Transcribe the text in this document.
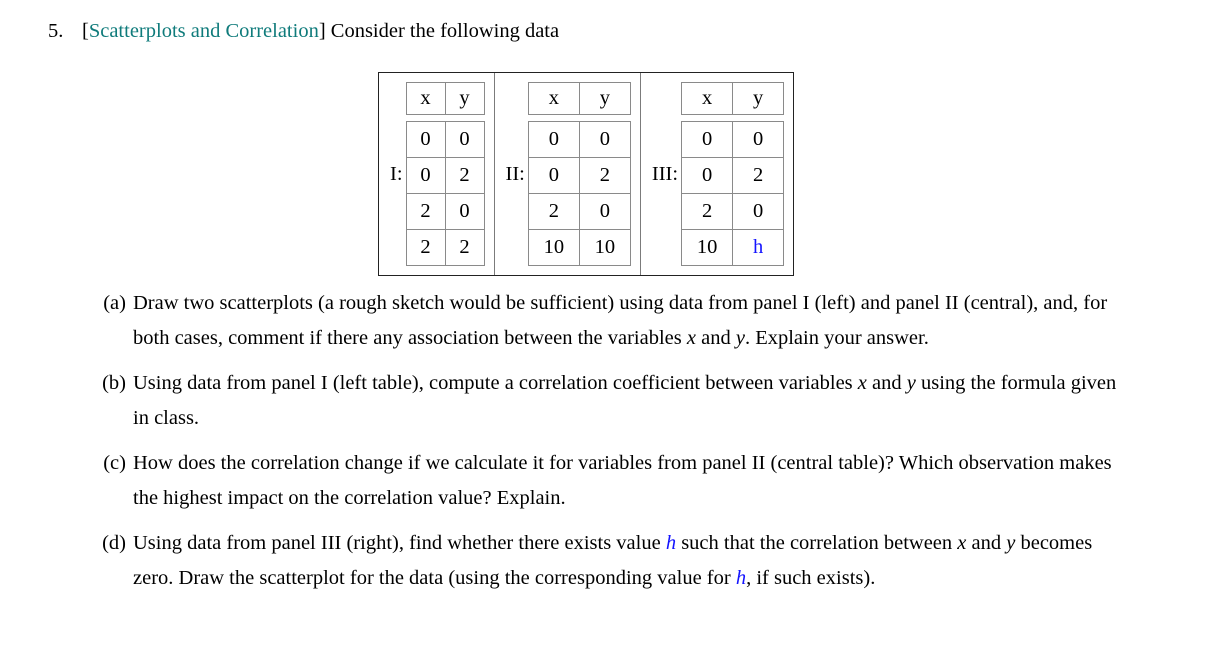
5. [Scatterplots and Correlation] Consider the following data
I:
x	y
0	0
0	2
2	0
2	2
II:
x	y
0	0
0	2
2	0
10	10
III:
x	y
0	0
0	2
2	0
10	h
(a) Draw two scatterplots (a rough sketch would be sufficient) using data from panel I (left) and panel II (central), and, for both cases, comment if there any association between the variables x and y. Explain your answer.
(b) Using data from panel I (left table), compute a correlation coefficient between variables x and y using the formula given in class.
(c) How does the correlation change if we calculate it for variables from panel II (central table)? Which observation makes the highest impact on the correlation value? Explain.
(d) Using data from panel III (right), find whether there exists value h such that the correlation between x and y becomes zero. Draw the scatterplot for the data (using the corresponding value for h, if such exists).
